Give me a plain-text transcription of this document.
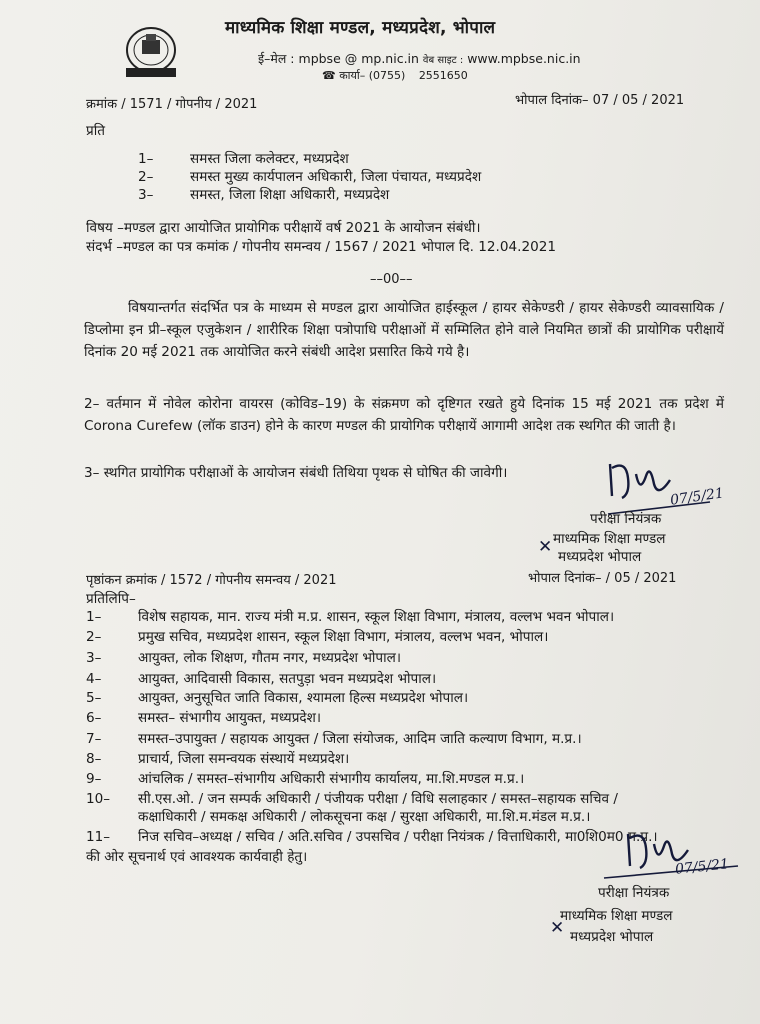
माध्यमिक शिक्षा मण्डल, मध्यप्रदेश, भोपाल
ई–मेल : mpbse @ mp.nic.in वेब साइट : www.mpbse.nic.in
☎ कार्या– (0755) 2551650
क्रमांक / 1571 / गोपनीय / 2021	भोपाल दिनांक– 07 / 05 / 2021
प्रति
1–	समस्त जिला कलेक्टर, मध्यप्रदेश
2–	समस्त मुख्य कार्यपालन अधिकारी, जिला पंचायत, मध्यप्रदेश
3–	समस्त, जिला शिक्षा अधिकारी, मध्यप्रदेश
विषय –मण्डल द्वारा आयोजित प्रायोगिक परीक्षायें वर्ष 2021 के आयोजन संबंधी।
संदर्भ –मण्डल का पत्र कमांक / गोपनीय समन्वय / 1567 / 2021 भोपाल दि. 12.04.2021
––00––
विषयान्तर्गत संदर्भित पत्र के माध्यम से मण्डल द्वारा आयोजित हाईस्कूल / हायर सेकेण्डरी / हायर सेकेण्डरी व्यावसायिक / डिप्लोमा इन प्री–स्कूल एजुकेशन / शारीरिक शिक्षा पत्रोपाधि परीक्षाओं में सम्मिलित होने वाले नियमित छात्रों की प्रायोगिक परीक्षायें दिनांक 20 मई 2021 तक आयोजित करने संबंधी आदेश प्रसारित किये गये है।
2– वर्तमान में नोवेल कोरोना वायरस (कोविड–19) के संक्रमण को दृष्टिगत रखते हुये दिनांक 15 मई 2021 तक प्रदेश में Corona Curefew (लॉक डाउन) होने के कारण मण्डल की प्रायोगिक परीक्षायें आगामी आदेश तक स्थगित की जाती है।
3– स्थगित प्रायोगिक परीक्षाओं के आयोजन संबंधी तिथिया पृथक से घोषित की जावेगी।
07/5/21
परीक्षा नियंत्रक
माध्यमिक शिक्षा मण्डल
✕ मध्यप्रदेश भोपाल
पृष्ठांकन क्रमांक / 1572 / गोपनीय समन्वय / 2021	भोपाल दिनांक– / 05 / 2021
प्रतिलिपि–
1–	विशेष सहायक, मान. राज्य मंत्री म.प्र. शासन, स्कूल शिक्षा विभाग, मंत्रालय, वल्लभ भवन भोपाल।
2–	प्रमुख सचिव, मध्यप्रदेश शासन, स्कूल शिक्षा विभाग, मंत्रालय, वल्लभ भवन, भोपाल।
3–	आयुक्त, लोक शिक्षण, गौतम नगर, मध्यप्रदेश भोपाल।
4–	आयुक्त, आदिवासी विकास, सतपुड़ा भवन मध्यप्रदेश भोपाल।
5–	आयुक्त, अनुसूचित जाति विकास, श्यामला हिल्स मध्यप्रदेश भोपाल।
6–	समस्त– संभागीय आयुक्त, मध्यप्रदेश।
7–	समस्त–उपायुक्त / सहायक आयुक्त / जिला संयोजक, आदिम जाति कल्याण विभाग, म.प्र.।
8–	प्राचार्य, जिला समन्वयक संस्थायें मध्यप्रदेश।
9–	आंचलिक / समस्त–संभागीय अधिकारी संभागीय कार्यालय, मा.शि.मण्डल म.प्र.।
10– सी.एस.ओ. / जन सम्पर्क अधिकारी / पंजीयक परीक्षा / विधि सलाहकार / समस्त–सहायक सचिव /
कक्षाधिकारी / समकक्ष अधिकारी / लोकसूचना कक्ष / सुरक्षा अधिकारी, मा.शि.म.मंडल म.प्र.।
11– निज सचिव–अध्यक्ष / सचिव / अति.सचिव / उपसचिव / परीक्षा नियंत्रक / वित्ताधिकारी, मा0शि0म0 म.प्र.।
की ओर सूचनार्थ एवं आवश्यक कार्यवाही हेतु।	07/5/21
परीक्षा नियंत्रक
माध्यमिक शिक्षा मण्डल
✕ मध्यप्रदेश भोपाल
